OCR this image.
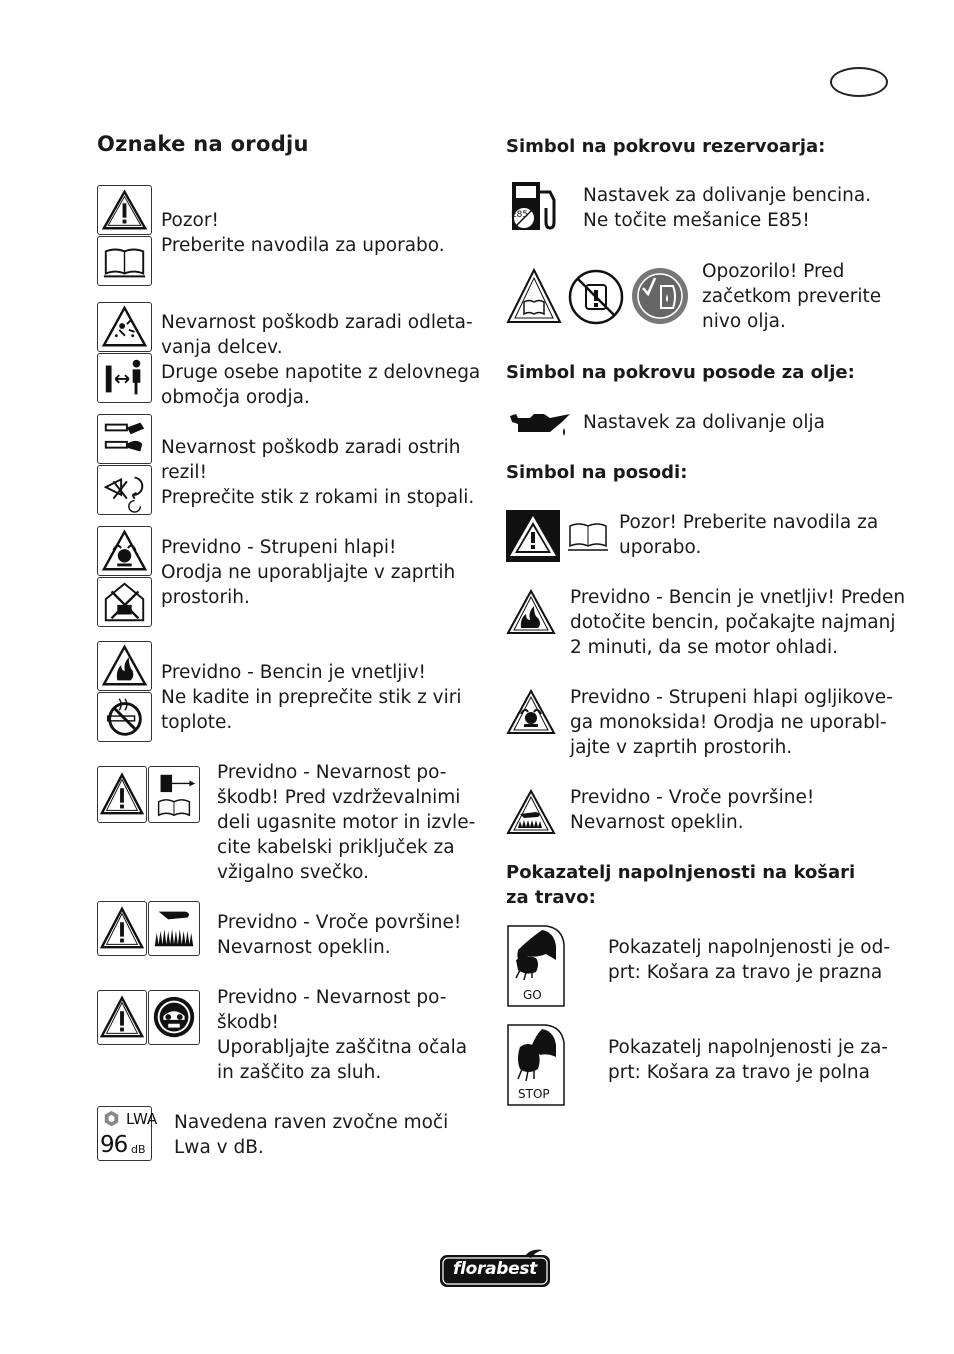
Oznake na orodju
Pozor!
Preberite navodila za uporabo.
Nevarnost poškodb zaradi odleta-
vanja delcev.
Druge osebe napotite z delovnega
območja orodja.
Nevarnost poškodb zaradi ostrih
rezil!
Preprečite stik z rokami in stopali.
Previdno - Strupeni hlapi!
Orodja ne uporabljajte v zaprtih
prostorih.
Previdno - Bencin je vnetljiv!
Ne kadite in preprečite stik z viri
toplote.
Previdno - Nevarnost po-
škodb! Pred vzdrževalnimi
deli ugasnite motor in izvle-
cite kabelski priključek za
vžigalno svečko.
Previdno - Vroče površine!
Nevarnost opeklin.
Previdno - Nevarnost po-
škodb!
Uporabljajte zaščitna očala
in zaščito za sluh.
LWA
96 dB
Navedena raven zvočne moči
Lwa v dB.
Simbol na pokrovu rezervoarja:
E85
Nastavek za dolivanje bencina.
Ne točite mešanice E85!
Opozorilo! Pred
začetkom preverite
nivo olja.
Simbol na pokrovu posode za olje:
Nastavek za dolivanje olja
Simbol na posodi:
Pozor! Preberite navodila za
uporabo.
Previdno - Bencin je vnetljiv! Preden
dotočite bencin, počakajte najmanj
2 minuti, da se motor ohladi.
Previdno - Strupeni hlapi ogljikove-
ga monoksida! Orodja ne uporabl-
jajte v zaprtih prostorih.
Previdno - Vroče površine!
Nevarnost opeklin.
Pokazatelj napolnjenosti na košari
za travo:
GO
Pokazatelj napolnjenosti je od-
prt: Košara za travo je prazna
STOP
Pokazatelj napolnjenosti je za-
prt: Košara za travo je polna
florabest
